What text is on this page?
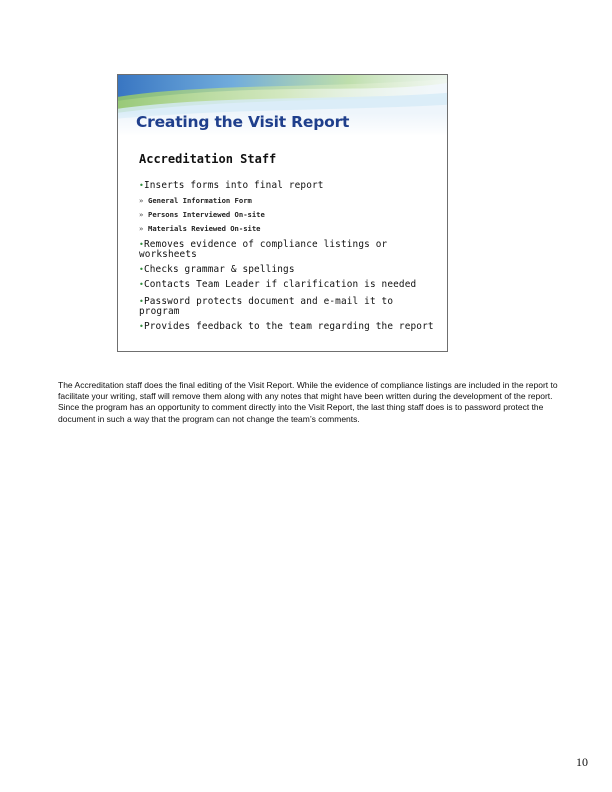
Creating the Visit Report
Accreditation Staff
•Inserts forms into final report
» General Information Form
» Persons Interviewed On-site
» Materials Reviewed On-site
•Removes evidence of compliance listings or worksheets
•Checks grammar & spellings
•Contacts Team Leader if clarification is needed
•Password protects document and e-mail it to program
•Provides feedback to the team regarding the report

The Accreditation staff does the final editing of the Visit Report. While the evidence of compliance listings are included in the report to facilitate your writing, staff will remove them along with any notes that might have been written during the development of the report. Since the program has an opportunity to comment directly into the Visit Report, the last thing staff does is to password protect the document in such a way that the program can not change the team’s comments.

10
